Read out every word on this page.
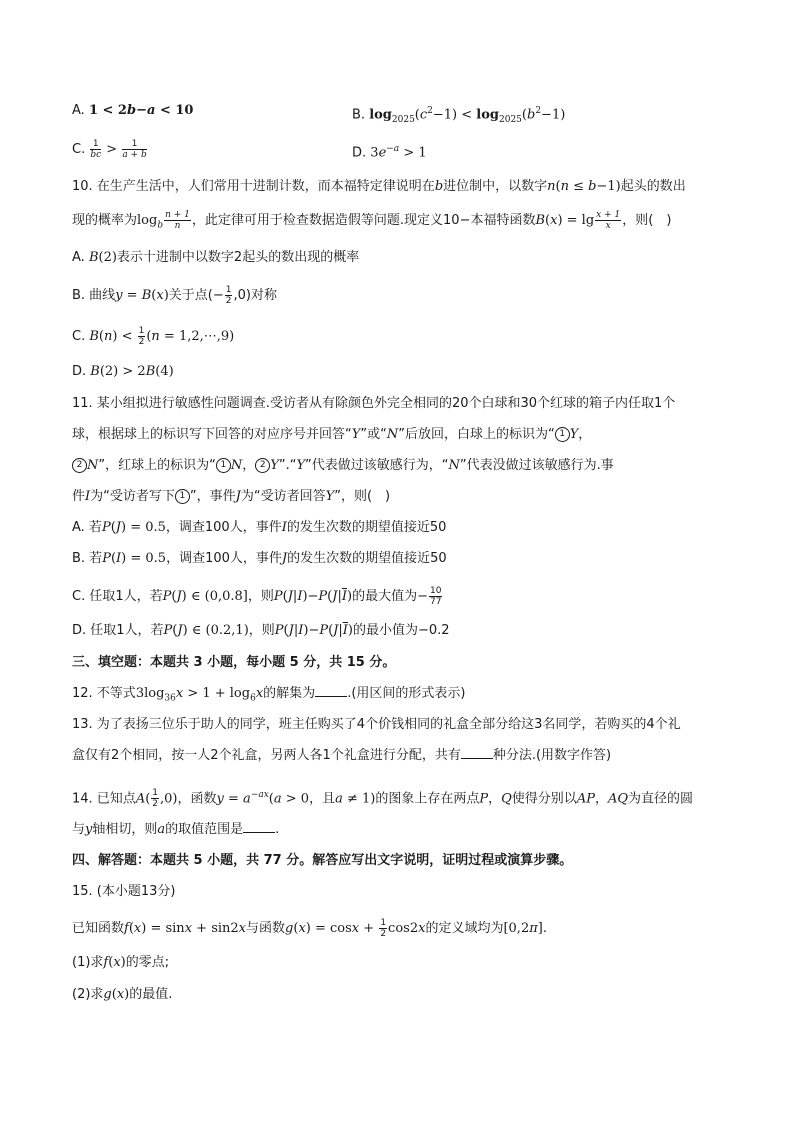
A. 1 < 2b−a < 10	B. $\log_{2025}(c^2-1) < \log_{2025}(b^2-1)$
C. $\frac{1}{bc} > \frac{1}{a + b}$	D. $3e^{-a} > 1$
10. 在生产生活中，人们常用十进制计数，而本福特定律说明在b进位制中，以数字n(n ≤ b−1)起头的数出
现的概率为$\log_b \frac{n + 1}{n}$ ，此定律可用于检查数据造假等问题.现定义10−本福特函数$B(x) = \lg \frac{x + 1}{x}$ ，则(　)
A. B(2)表示十进制中以数字2起头的数出现的概率
B. 曲线y = B(x)关于点(− $\frac{1}{2} ,0$)对称
C. $B(n) < \frac{1}{2} (n$ = 1,2,⋯,9)
D. B(2) > 2B(4)
11. 某小组拟进行敏感性问题调查.受访者从有除颜色外完全相同的20个白球和30个红球的箱子内任取1个
球，根据球上的标识写下回答的对应序号并回答“Y”或“N”后放回，白球上的标识为“ 1 Y，
2 N”，红球上的标识为“ 1 N， 2 Y”.“Y”代表做过该敏感行为，“N”代表没做过该敏感行为.事
件I为“受访者写下 1 ”，事件J为“受访者回答Y”，则(　)
A. 若P(J) = 0.5，调查100人，事件I的发生次数的期望值接近50
B. 若P(I) = 0.5，调查100人，事件J的发生次数的期望值接近50
C. 任取1人，若P(J) ∈ (0,0.8]，则$P(J|I)-P(J|\overline{I})$的最大值为− $\frac{10}{77}$
D. 任取1人，若P(J) ∈ (0.2,1)，则$P(J|I)-P(J|\overline{I})$的最小值为−0.2
三、填空题：本题共 3 小题，每小题 5 分，共 15 分。
12. 不等式$3\log_{36}x > 1 + \log_6x$的解集为 .(用区间的形式表示)
13. 为了表扬三位乐于助人的同学，班主任购买了4个价钱相同的礼盒全部分给这3名同学，若购买的4个礼
盒仅有2个相同，按一人2个礼盒，另两人各1个礼盒进行分配，共有 种分法.(用数字作答)
14. 已知点$A( \frac{1}{2} ,0)$，函数$y = a^{-ax}(a > 0$，且a ≠ 1)的图象上存在两点P，Q使得分别以AP，AQ为直径的圆
与y轴相切，则a的取值范围是 .
四、解答题：本题共 5 小题，共 77 分。解答应写出文字说明，证明过程或演算步骤。
15. (本小题13分)
已知函数f(x) = sinx + sin2x与函数$g(x) = \cos x + \frac{1}{2} \cos 2x$的定义域均为[0,2π].
(1)求f(x)的零点;
(2)求g(x)的最值.
